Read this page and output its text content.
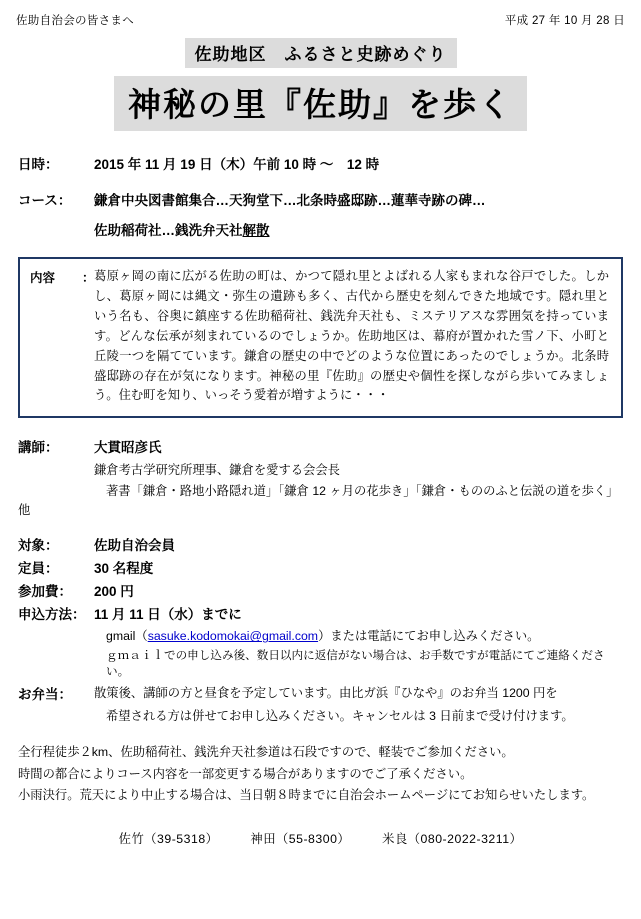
佐助自治会の皆さまへ	平成 27 年 10 月 28 日
佐助地区　ふるさと史跡めぐり
神秘の里『佐助』を歩く
日時：	2015 年 11 月 19 日（木）午前 10 時 ～　12 時
コース：	鎌倉中央図書館集合…天狗堂下…北条時盛邸跡…蓮華寺跡の碑…
佐助稲荷社…銭洗弁天社解散
内容	： 葛原ヶ岡の南に広がる佐助の町は、かつて隠れ里とよばれる人家もまれな谷戸でした。しかし、葛原ヶ岡には縄文・弥生の遺跡も多く、古代から歴史を刻んできた地域です。隠れ里という名も、谷奥に鎮座する佐助稲荷社、銭洗弁天社も、ミステリアスな雰囲気を持っています。どんな伝承が刻まれているのでしょうか。佐助地区は、幕府が置かれた雪ノ下、小町と丘陵一つを隔てています。鎌倉の歴史の中でどのような位置にあったのでしょうか。北条時盛邸跡の存在が気になります。神秘の里『佐助』の歴史や個性を探しながら歩いてみましょう。住む町を知り、いっそう愛着が増すように・・・
講師：	大貫昭彦氏
鎌倉考古学研究所理事、鎌倉を愛する会会長
著書「鎌倉・路地小路隠れ道」「鎌倉 12 ヶ月の花歩き」「鎌倉・もののふと伝説の道を歩く」
他
対象：	佐助自治会員
定員：	30 名程度
参加費：	200 円
申込方法： 11 月 11 日（水）までに
gmail（sasuke.kodomokai@gmail.com）または電話にてお申し込みください。
ｇｍａｉｌでの申し込み後、数日以内に返信がない場合は、お手数ですが電話にてご連絡ください。
お弁当：	散策後、講師の方と昼食を予定しています。由比ガ浜『ひなや』のお弁当 1200 円を
希望される方は併せてお申し込みください。キャンセルは 3 日前まで受け付けます。
全行程徒歩２km、佐助稲荷社、銭洗弁天社参道は石段ですので、軽装でご参加ください。
時間の都合によりコース内容を一部変更する場合がありますのでご了承ください。
小雨決行。荒天により中止する場合は、当日朝８時までに自治会ホームページにてお知らせいたします。
佐竹（39-5318）	神田（55-8300）	米良（080-2022-3211）
